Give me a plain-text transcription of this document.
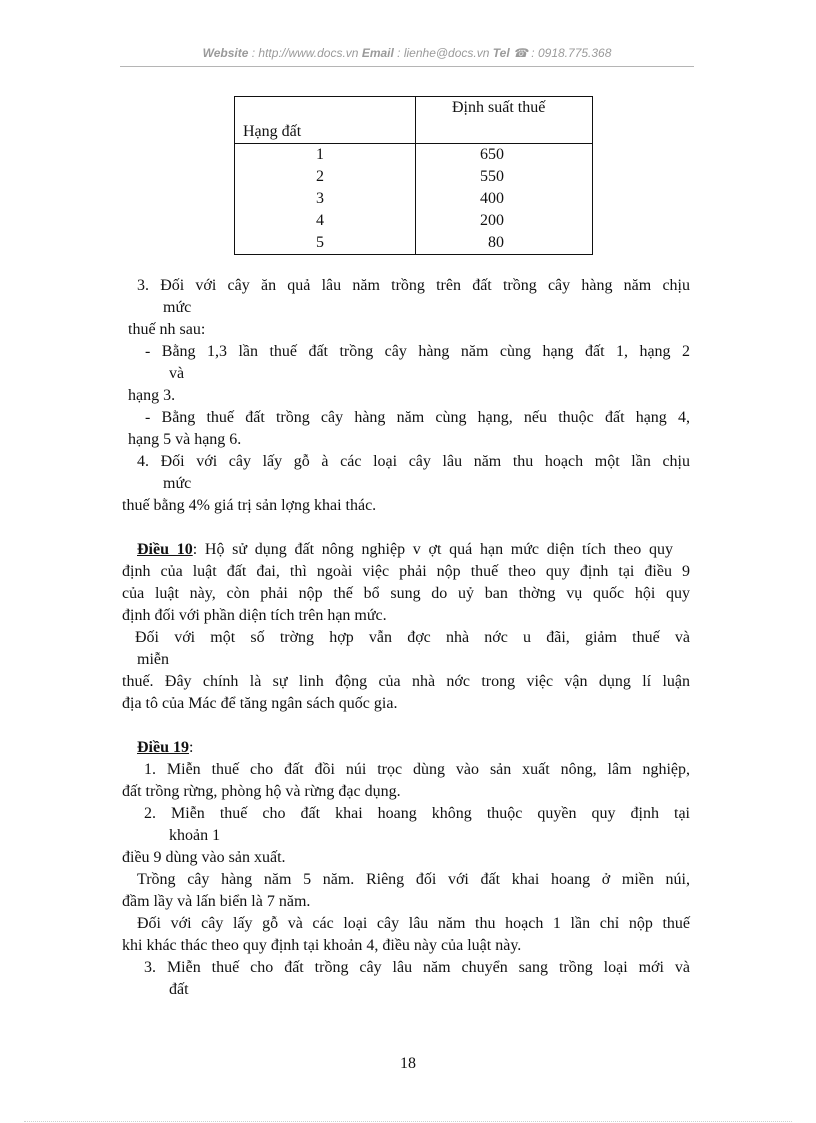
Website : http://www.docs.vn Email : lienhe@docs.vn Tel ☎ : 0918.775.368
Hạng đất	Định suất thuế
1	650
2	550
3	400
4	200
5	80
3. Đối với cây ăn quả lâu năm trồng trên đất trồng cây hàng năm chịu
mức
thuế nh sau:
- Bằng 1,3 lần thuế đất trồng cây hàng năm cùng hạng đất 1, hạng 2
và
hạng 3.
- Bằng thuế đất trồng cây hàng năm cùng hạng, nếu thuộc đất hạng 4,
hạng 5 và hạng 6.
4. Đối với cây lấy gỗ à các loại cây lâu năm thu hoạch một lần chịu
mức
thuế bằng 4% giá trị sản lợng khai thác.
Điều 10: Hộ sử dụng đất nông nghiệp v ợt quá hạn mức diện tích theo quy
định của luật đất đai, thì ngoài việc phải nộp thuế theo quy định tại điều 9
của luật này, còn phải nộp thế bổ sung do uỷ ban thờng vụ quốc hội quy
định đối với phần diện tích trên hạn mức.
Đối với một số trờng hợp vẫn đợc nhà nớc u đãi, giảm thuế và
miễn
thuế. Đây chính là sự linh động của nhà nớc trong việc vận dụng lí luận
địa tô của Mác để tăng ngân sách quốc gia.
Điều 19:
1. Miễn thuế cho đất đồi núi trọc dùng vào sản xuất nông, lâm nghiệp,
đất trồng rừng, phòng hộ và rừng đạc dụng.
2. Miễn thuế cho đất khai hoang không thuộc quyền quy định tại
khoản 1
điều 9 dùng vào sản xuất.
Trồng cây hàng năm 5 năm. Riêng đối với đất khai hoang ở miền núi,
đầm lầy và lấn biển là 7 năm.
Đối với cây lấy gỗ và các loại cây lâu năm thu hoạch 1 lần chỉ nộp thuế
khi khác thác theo quy định tại khoản 4, điều này của luật này.
3. Miễn thuế cho đất trồng cây lâu năm chuyển sang trồng loại mới và
đất
18
